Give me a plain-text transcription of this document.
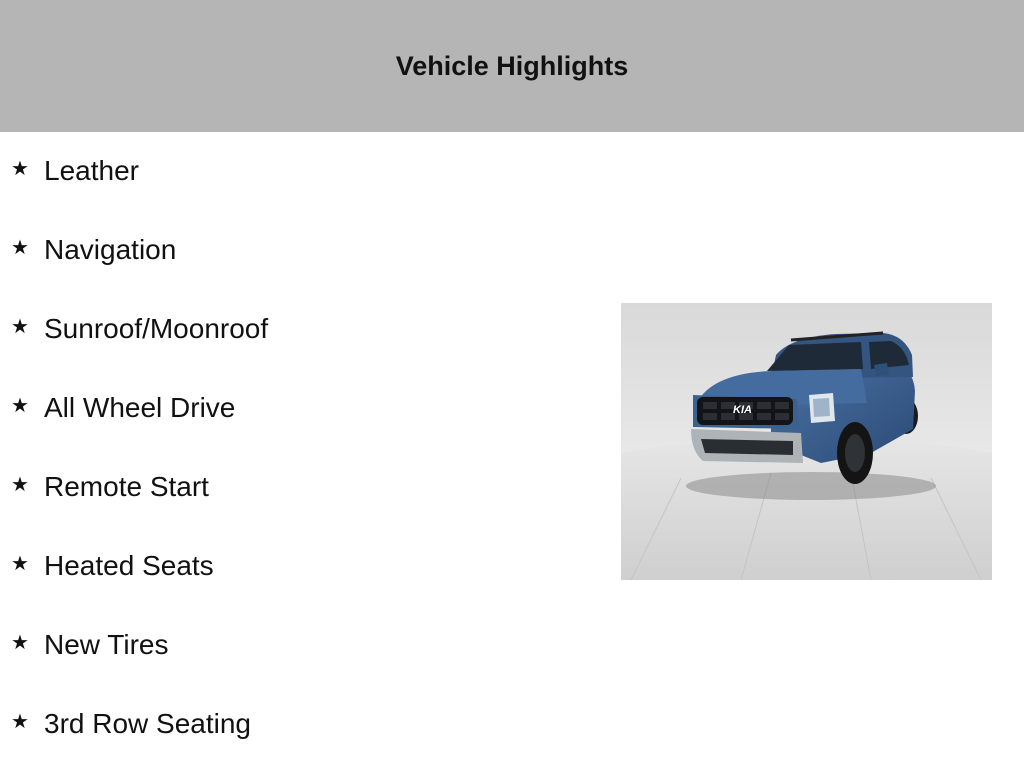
Vehicle Highlights
★ Leather
★ Navigation
★ Sunroof/Moonroof
★ All Wheel Drive
★ Remote Start
★ Heated Seats
★ New Tires
★ 3rd Row Seating
KIA
